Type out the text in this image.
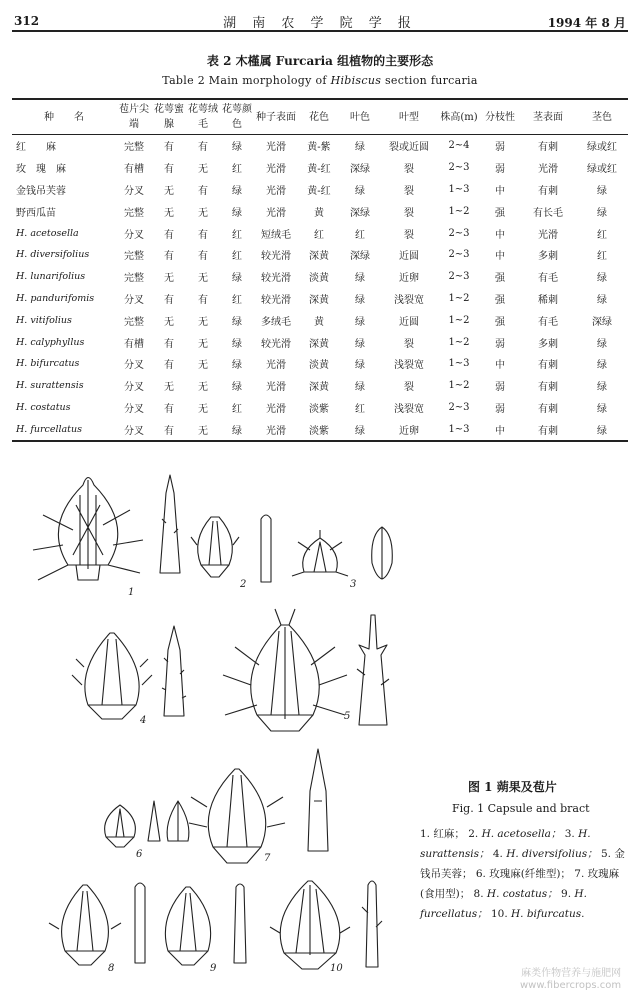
312	湖 南 农 学 院 学 报	1994 年 8 月
表 2 木槿属 Furcaria 组植物的主要形态
Table 2 Main morphology of Hibiscus section furcaria
种　　名	苞片尖端	花萼蜜腺	花萼绒毛	花萼颜色	种子表面	花色	叶色	叶型	株高(m)	分枝性	茎表面	茎色
红　　麻	完整	有	有	绿	光滑	黄-紫	绿	裂或近圆	2~4	弱	有刺	绿或红
玫　瑰　麻	有槽	有	无	红	光滑	黄-红	深绿	裂	2~3	弱	光滑	绿或红
金钱吊芙蓉	分叉	无	有	绿	光滑	黄-红	绿	裂	1~3	中	有刺	绿
野西瓜苗	完整	无	无	绿	光滑	黄	深绿	裂	1~2	强	有长毛	绿
H. acetosella	分叉	有	有	红	短绒毛	红	红	裂	2~3	中	光滑	红
H. diversifolius	完整	有	有	红	较光滑	深黄	深绿	近圆	2~3	中	多刺	红
H. lunarifolius	完整	无	无	绿	较光滑	淡黄	绿	近卵	2~3	强	有毛	绿
H. pandurifomis	分叉	有	有	红	较光滑	深黄	绿	浅裂宽	1~2	强	稀刺	绿
H. vitifolius	完整	无	无	绿	多绒毛	黄	绿	近圆	1~2	强	有毛	深绿
H. calyphyllus	有槽	有	无	绿	较光滑	深黄	绿	裂	1~2	弱	多刺	绿
H. bifurcatus	分叉	有	无	绿	光滑	淡黄	绿	浅裂宽	1~3	中	有刺	绿
H. surattensis	分叉	无	无	绿	光滑	深黄	绿	裂	1~2	弱	有刺	绿
H. costatus	分叉	有	无	红	光滑	淡紫	红	浅裂宽	2~3	弱	有刺	绿
H. furcellatus	分叉	有	无	绿	光滑	淡紫	绿	近卵	1~3	中	有刺	绿
1
2	3
4	5
6	7
8	9	10
图 1 蒴果及苞片
Fig. 1 Capsule and bract
1. 红麻； 2. H. acetosella； 3. H. surattensis； 4. H. diversifolius； 5. 金钱吊芙蓉； 6. 玫瑰麻(纤维型)； 7. 玫瑰麻(食用型)； 8. H. costatus； 9. H. furcellatus； 10. H. bifurcatus.
麻类作物营养与施肥网
www.fibercrops.com
